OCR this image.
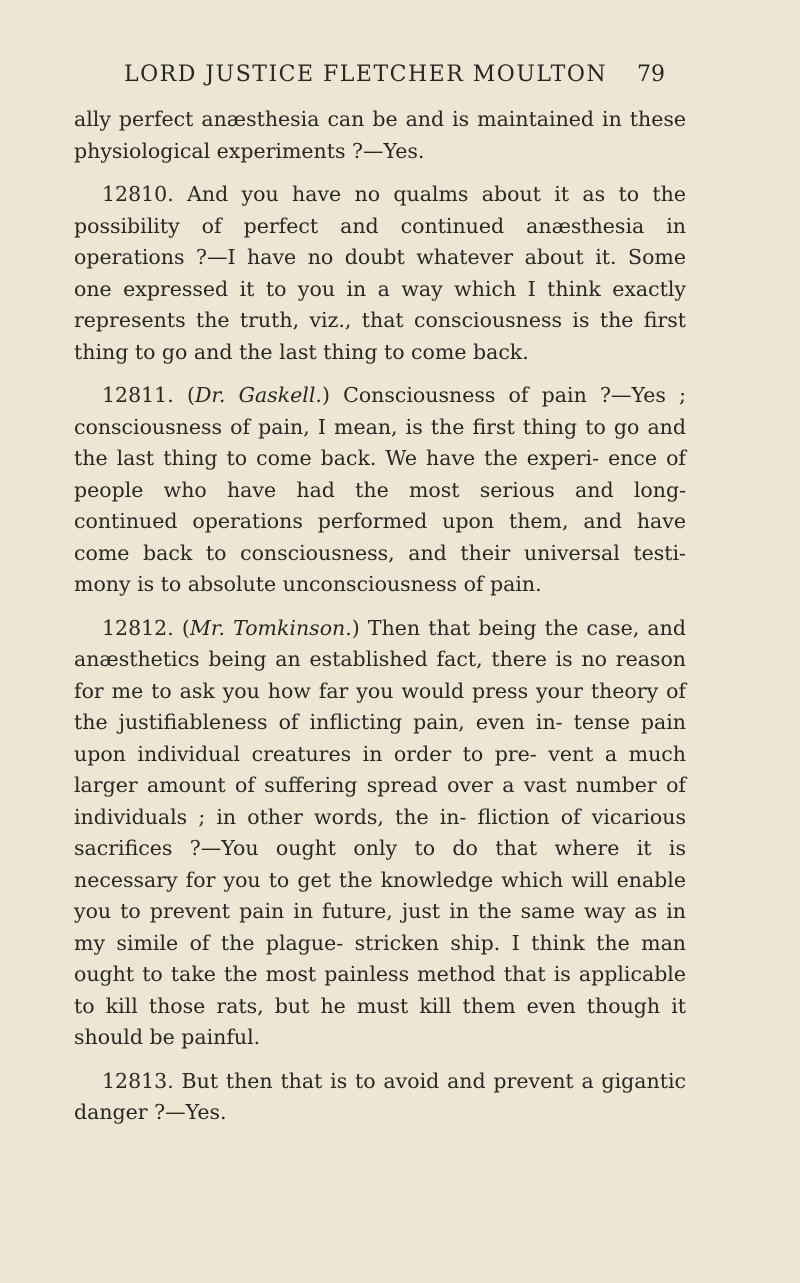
LORD JUSTICE FLETCHER MOULTON 79

ally perfect anæsthesia can be and is maintained in these physiological experiments ?—Yes.

12810. And you have no qualms about it as to the possibility of perfect and continued anæsthesia in operations ?—I have no doubt whatever about it. Some one expressed it to you in a way which I think exactly represents the truth, viz., that consciousness is the first thing to go and the last thing to come back.

12811. (Dr. Gaskell.) Consciousness of pain ?—Yes ; consciousness of pain, I mean, is the first thing to go and the last thing to come back. We have the experi- ence of people who have had the most serious and long- continued operations performed upon them, and have come back to consciousness, and their universal testi- mony is to absolute unconsciousness of pain.

12812. (Mr. Tomkinson.) Then that being the case, and anæsthetics being an established fact, there is no reason for me to ask you how far you would press your theory of the justifiableness of inflicting pain, even in- tense pain upon individual creatures in order to pre- vent a much larger amount of suffering spread over a vast number of individuals ; in other words, the in- fliction of vicarious sacrifices ?—You ought only to do that where it is necessary for you to get the knowledge which will enable you to prevent pain in future, just in the same way as in my simile of the plague- stricken ship. I think the man ought to take the most painless method that is applicable to kill those rats, but he must kill them even though it should be painful.

12813. But then that is to avoid and prevent a gigantic danger ?—Yes.
